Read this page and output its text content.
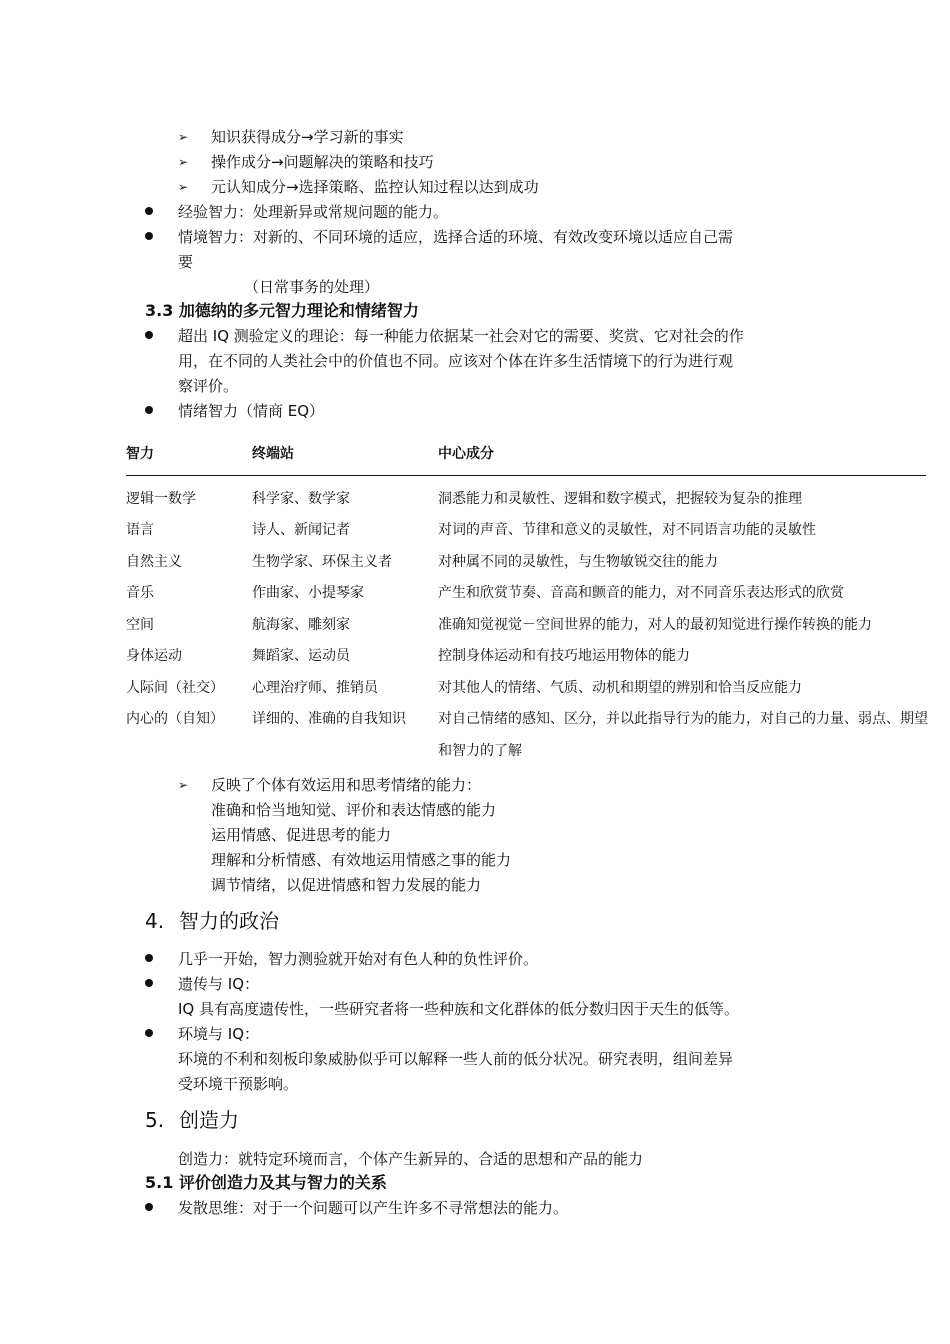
➢ 知识获得成分→学习新的事实
➢ 操作成分→问题解决的策略和技巧
➢ 元认知成分→选择策略、监控认知过程以达到成功
经验智力：处理新异或常规问题的能力。
情境智力：对新的、不同环境的适应，选择合适的环境、有效改变环境以适应自己需
要
（日常事务的处理）
3.3 加德纳的多元智力理论和情绪智力
超出 IQ 测验定义的理论：每一种能力依据某一社会对它的需要、奖赏、它对社会的作
用，在不同的人类社会中的价值也不同。应该对个体在许多生活情境下的行为进行观
察评价。
情绪智力（情商 EQ）
智力	终端站	中心成分

逻辑一数学	科学家、数学家	洞悉能力和灵敏性、逻辑和数字模式，把握较为复杂的推理
语言	诗人、新闻记者	对词的声音、节律和意义的灵敏性，对不同语言功能的灵敏性
自然主义	生物学家、环保主义者	对种属不同的灵敏性，与生物敏锐交往的能力
音乐	作曲家、小提琴家	产生和欣赏节奏、音高和颤音的能力，对不同音乐表达形式的欣赏
空间	航海家、雕刻家	准确知觉视觉－空间世界的能力，对人的最初知觉进行操作转换的能力
身体运动	舞蹈家、运动员	控制身体运动和有技巧地运用物体的能力
人际间（社交）	心理治疗师、推销员	对其他人的情绪、气质、动机和期望的辨别和恰当反应能力
内心的（自知）	详细的、准确的自我知识	对自己情绪的感知、区分，并以此指导行为的能力，对自己的力量、弱点、期望
		和智力的了解
➢ 反映了个体有效运用和思考情绪的能力：
准确和恰当地知觉、评价和表达情感的能力
运用情感、促进思考的能力
理解和分析情感、有效地运用情感之事的能力
调节情绪，以促进情感和智力发展的能力
4. 智力的政治
几乎一开始，智力测验就开始对有色人种的负性评价。
遗传与 IQ：
IQ 具有高度遗传性，一些研究者将一些种族和文化群体的低分数归因于天生的低等。
环境与 IQ：
环境的不利和刻板印象威胁似乎可以解释一些人前的低分状况。研究表明，组间差异
受环境干预影响。
5. 创造力
创造力：就特定环境而言，个体产生新异的、合适的思想和产品的能力
5.1 评价创造力及其与智力的关系
发散思维：对于一个问题可以产生许多不寻常想法的能力。
